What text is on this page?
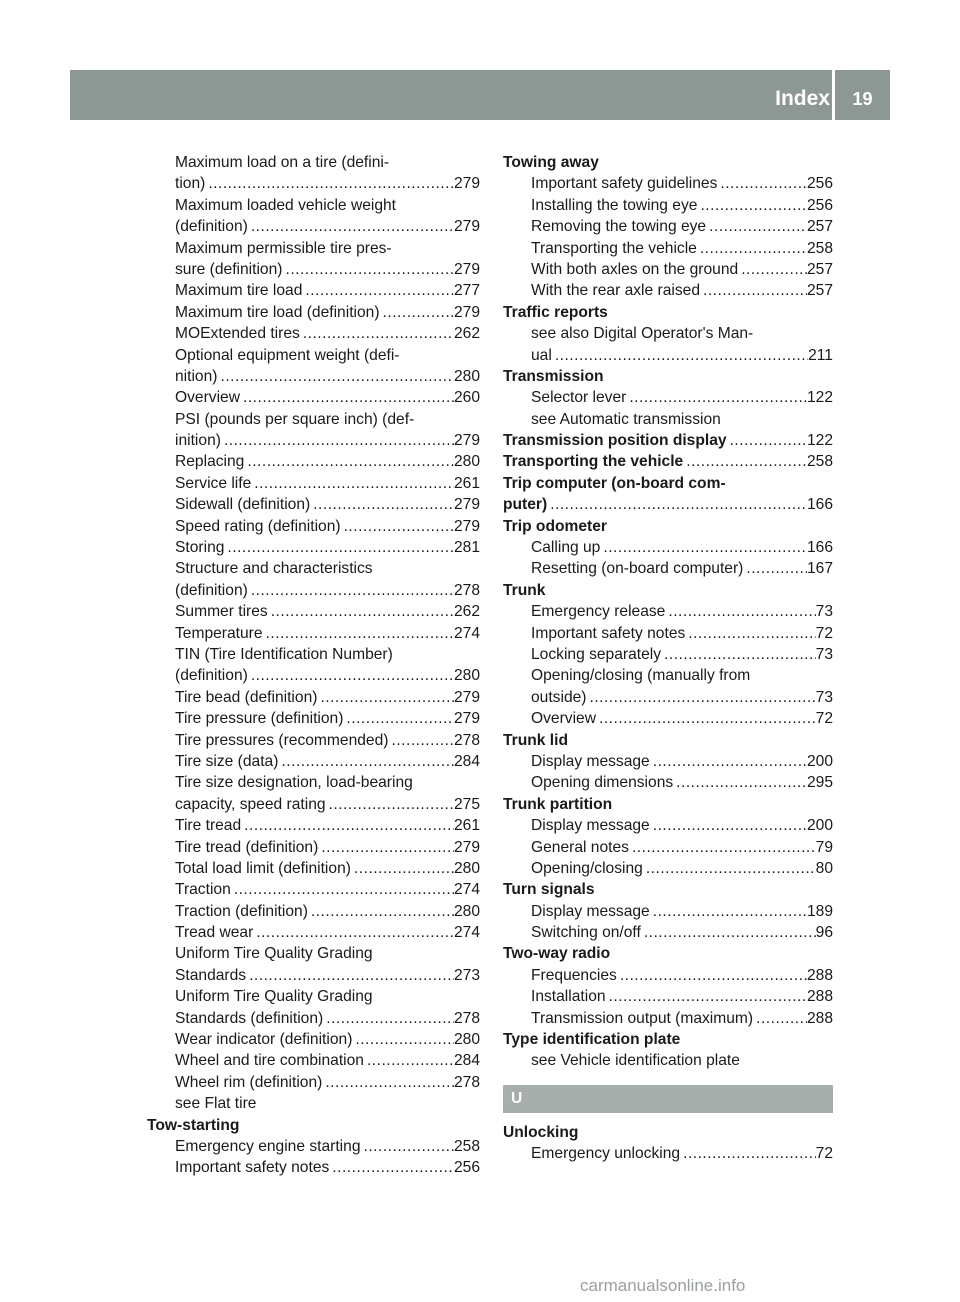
Index	19
Maximum load on a tire (defini-
tion) .....	279
Maximum loaded vehicle weight
(definition) .....	279
Maximum permissible tire pres-
sure (definition) .....	279
Maximum tire load .....	277
Maximum tire load (definition) .....	279
MOExtended tires .....	262
Optional equipment weight (defi-
nition) .....	280
Overview .....	260
PSI (pounds per square inch) (def-
inition) .....	279
Replacing .....	280
Service life .....	261
Sidewall (definition) .....	279
Speed rating (definition) .....	279
Storing .....	281
Structure and characteristics
(definition) .....	278
Summer tires .....	262
Temperature .....	274
TIN (Tire Identification Number)
(definition) .....	280
Tire bead (definition) .....	279
Tire pressure (definition) .....	279
Tire pressures (recommended) .....	278
Tire size (data) .....	284
Tire size designation, load-bearing
capacity, speed rating .....	275
Tire tread .....	261
Tire tread (definition) .....	279
Total load limit (definition) .....	280
Traction .....	274
Traction (definition) .....	280
Tread wear .....	274
Uniform Tire Quality Grading
Standards .....	273
Uniform Tire Quality Grading
Standards (definition) .....	278
Wear indicator (definition) .....	280
Wheel and tire combination .....	284
Wheel rim (definition) .....	278
see Flat tire
Tow-starting
Emergency engine starting .....	258
Important safety notes .....	256
Towing away
Important safety guidelines .....	256
Installing the towing eye .....	256
Removing the towing eye .....	257
Transporting the vehicle .....	258
With both axles on the ground .....	257
With the rear axle raised .....	257
Traffic reports
see also Digital Operator's Man-
ual .....	211
Transmission
Selector lever .....	122
see Automatic transmission
Transmission position display .....	122
Transporting the vehicle .....	258
Trip computer (on-board com-
puter) .....	166
Trip odometer
Calling up .....	166
Resetting (on-board computer) .....	167
Trunk
Emergency release .....	73
Important safety notes .....	72
Locking separately .....	73
Opening/closing (manually from
outside) .....	73
Overview .....	72
Trunk lid
Display message .....	200
Opening dimensions .....	295
Trunk partition
Display message .....	200
General notes .....	79
Opening/closing .....	80
Turn signals
Display message .....	189
Switching on/off .....	96
Two-way radio
Frequencies .....	288
Installation .....	288
Transmission output (maximum) .....	288
Type identification plate
see Vehicle identification plate
U
Unlocking
Emergency unlocking .....	72
carmanualsonline.info
